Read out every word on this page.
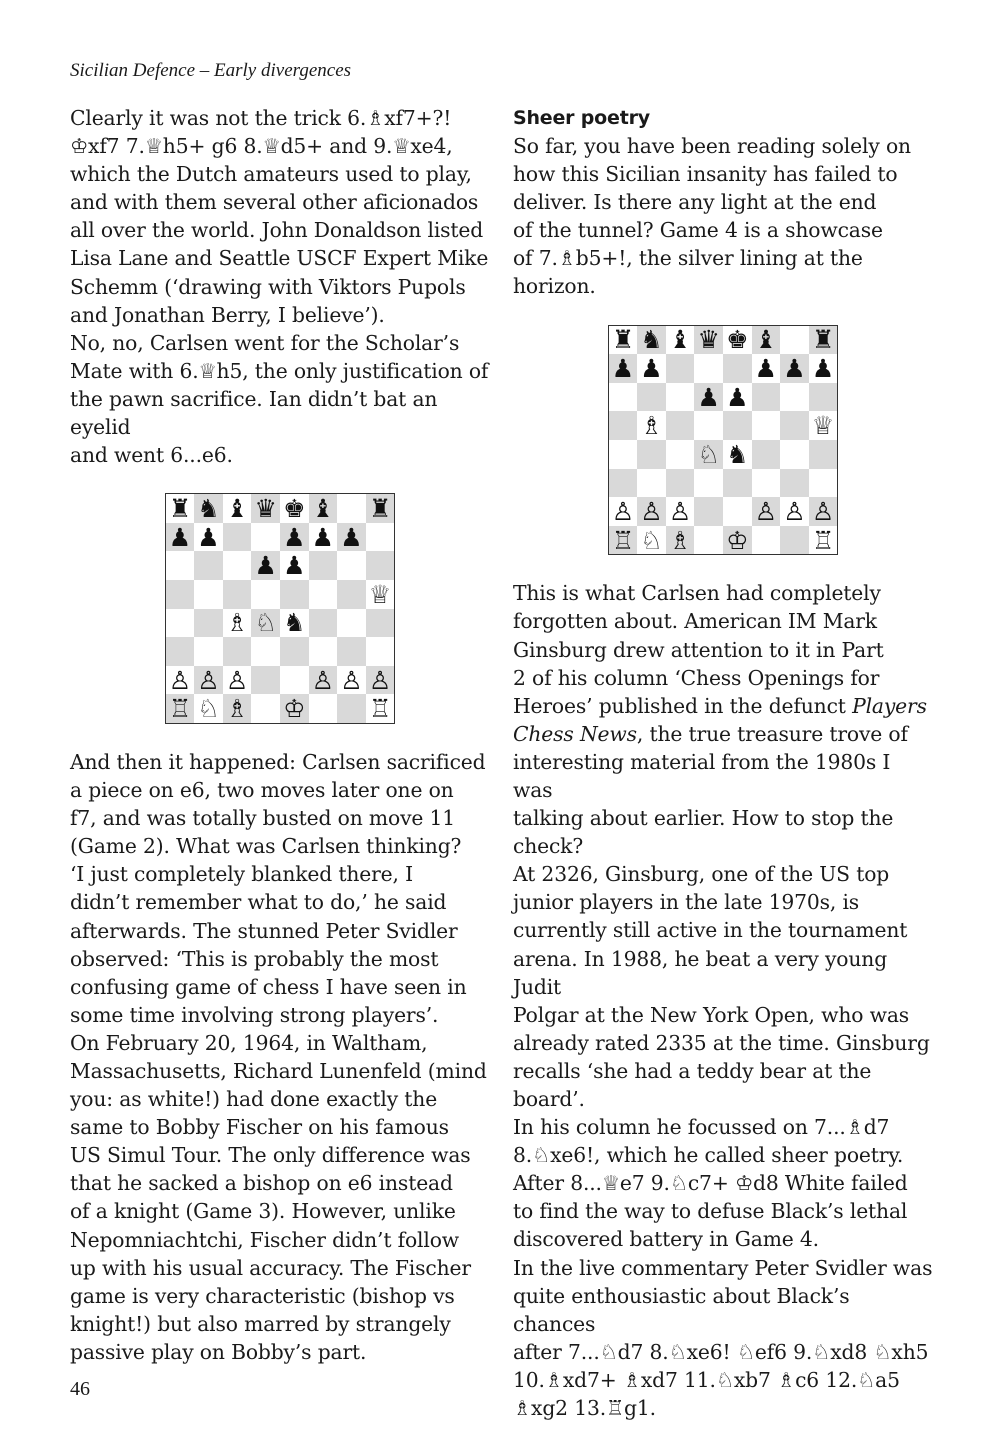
Sicilian Defence – Early divergences

Clearly it was not the trick 6.♗xf7+?!
♔xf7 7.♕h5+ g6 8.♕d5+ and 9.♕xe4,
which the Dutch amateurs used to play,
and with them several other aficionados
all over the world. John Donaldson listed
Lisa Lane and Seattle USCF Expert Mike
Schemm (‘drawing with Viktors Pupols
and Jonathan Berry, I believe’).
No, no, Carlsen went for the Scholar’s
Mate with 6.♕h5, the only justification of
the pawn sacrifice. Ian didn’t bat an eyelid
and went 6...e6.

♜ ♞ ♝ ♛ ♚ ♝ ♜
♟ ♟	♟ ♟ ♟
♟ ♟
♕
♗ ♘ ♞
♙ ♙ ♙	♙ ♙ ♙
♖ ♘ ♗ ♔	♖

And then it happened: Carlsen sacrificed
a piece on e6, two moves later one on
f7, and was totally busted on move 11
(Game 2). What was Carlsen thinking?
‘I just completely blanked there, I
didn’t remember what to do,’ he said
afterwards. The stunned Peter Svidler
observed: ‘This is probably the most
confusing game of chess I have seen in
some time involving strong players’.
On February 20, 1964, in Waltham,
Massachusetts, Richard Lunenfeld (mind
you: as white!) had done exactly the
same to Bobby Fischer on his famous
US Simul Tour. The only difference was
that he sacked a bishop on e6 instead
of a knight (Game 3). However, unlike
Nepomniachtchi, Fischer didn’t follow
up with his usual accuracy. The Fischer
game is very characteristic (bishop vs
knight!) but also marred by strangely
passive play on Bobby’s part.

Sheer poetry

So far, you have been reading solely on
how this Sicilian insanity has failed to
deliver. Is there any light at the end
of the tunnel? Game 4 is a showcase
of 7.♗b5+!, the silver lining at the
horizon.

♜ ♞ ♝ ♛ ♚ ♝ ♜
♟ ♟	♟ ♟ ♟
♟ ♟
♗	♕
♘ ♞
♙ ♙ ♙	♙ ♙ ♙
♖ ♘ ♗ ♔	♖

This is what Carlsen had completely
forgotten about. American IM Mark
Ginsburg drew attention to it in Part
2 of his column ‘Chess Openings for
Heroes’ published in the defunct Players
Chess News, the true treasure trove of
interesting material from the 1980s I was
talking about earlier. How to stop the
check?
At 2326, Ginsburg, one of the US top
junior players in the late 1970s, is
currently still active in the tournament
arena. In 1988, he beat a very young Judit
Polgar at the New York Open, who was
already rated 2335 at the time. Ginsburg
recalls ‘she had a teddy bear at the
board’.
In his column he focussed on 7...♗d7
8.♘xe6!, which he called sheer poetry.
After 8...♕e7 9.♘c7+ ♔d8 White failed
to find the way to defuse Black’s lethal
discovered battery in Game 4.
In the live commentary Peter Svidler was
quite enthousiastic about Black’s chances
after 7...♘d7 8.♘xe6! ♘ef6 9.♘xd8 ♘xh5
10.♗xd7+ ♗xd7 11.♘xb7 ♗c6 12.♘a5
♗xg2 13.♖g1.

46
